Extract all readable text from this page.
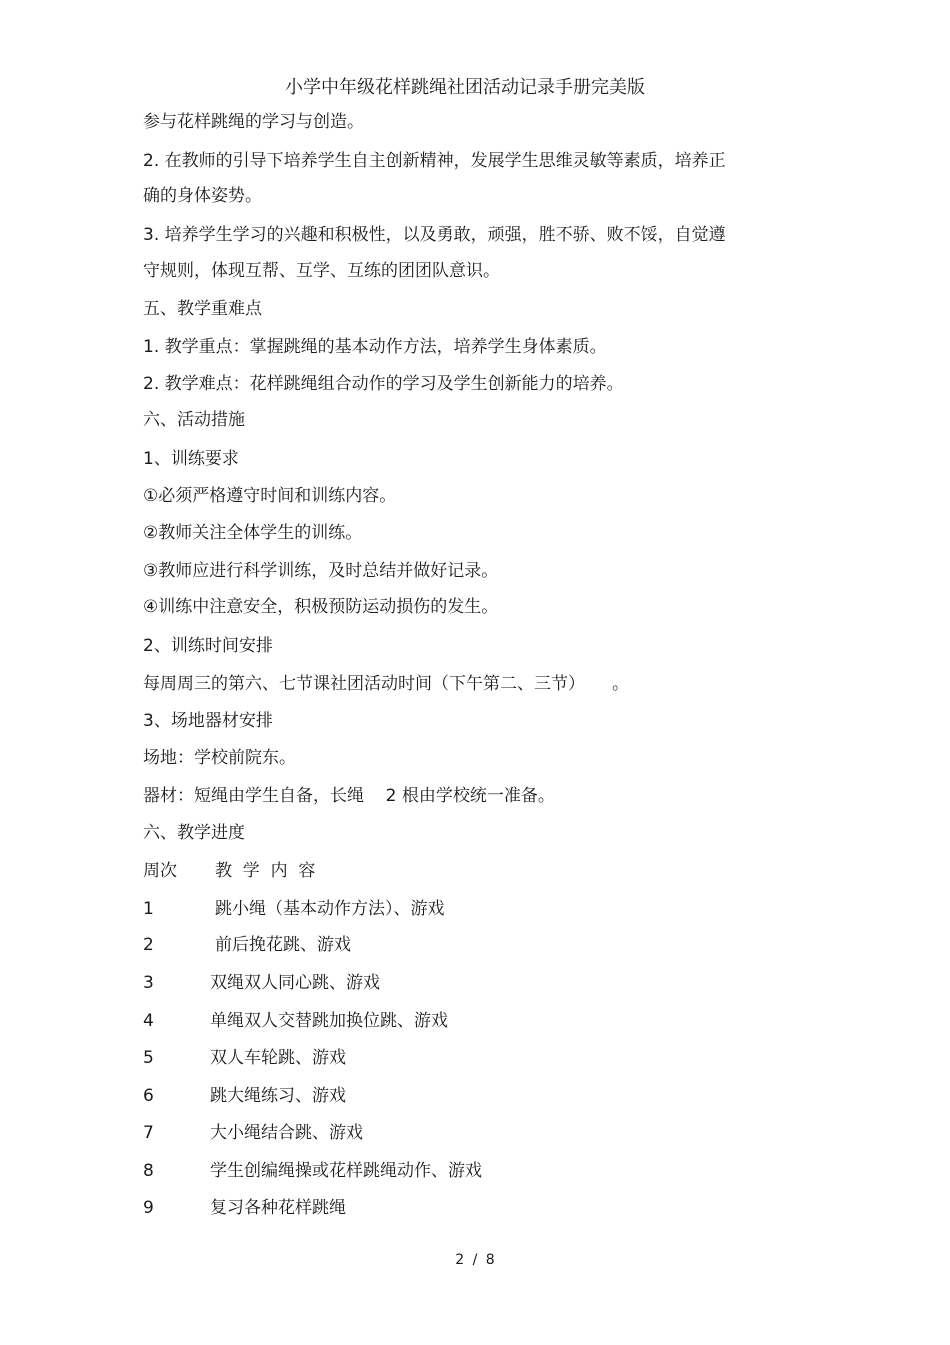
小学中年级花样跳绳社团活动记录手册完美版
参与花样跳绳的学习与创造。
2. 在教师的引导下培养学生自主创新精神，发展学生思维灵敏等素质，培养正
确的身体姿势。
3. 培养学生学习的兴趣和积极性，以及勇敢，顽强，胜不骄、败不馁，自觉遵
守规则，体现互帮、互学、互练的团团队意识。
五、教学重难点
1. 教学重点：掌握跳绳的基本动作方法，培养学生身体素质。
2. 教学难点：花样跳绳组合动作的学习及学生创新能力的培养。
六、活动措施
1、训练要求
①必须严格遵守时间和训练内容。
②教师关注全体学生的训练。
③教师应进行科学训练，及时总结并做好记录。
④训练中注意安全，积极预防运动损伤的发生。
2、训练时间安排
每周周三的第六、七节课社团活动时间（下午第二、三节）     。
3、场地器材安排
场地：学校前院东。
器材：短绳由学生自备，长绳    2 根由学校统一准备。
六、教学进度
周次 教  学  内  容
1	跳小绳（基本动作方法）、游戏
2	前后挽花跳、游戏
3	双绳双人同心跳、游戏
4	单绳双人交替跳加换位跳、游戏
5	双人车轮跳、游戏
6	跳大绳练习、游戏
7	大小绳结合跳、游戏
8	学生创编绳操或花样跳绳动作、游戏
9	复习各种花样跳绳
2 / 8
